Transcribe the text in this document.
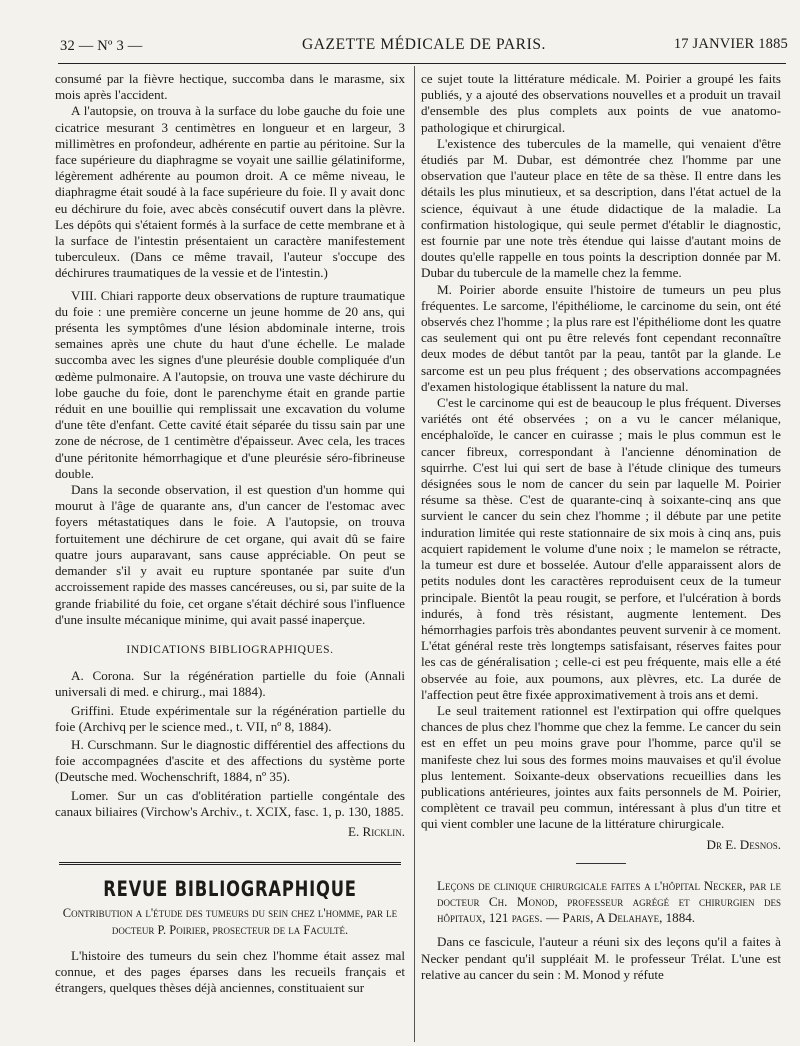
32 — Nº 3 —	GAZETTE MÉDICALE DE PARIS.	17 JANVIER 1885

consumé par la fièvre hectique, succomba dans le marasme, six mois après l'accident.

A l'autopsie, on trouva à la surface du lobe gauche du foie une cicatrice mesurant 3 centimètres en longueur et en largeur, 3 millimètres en profondeur, adhérente en partie au péritoine. Sur la face supérieure du diaphragme se voyait une saillie gélatiniforme, légèrement adhérente au poumon droit. A ce même niveau, le diaphragme était soudé à la face supérieure du foie. Il y avait donc eu déchirure du foie, avec abcès consécutif ouvert dans la plèvre. Les dépôts qui s'étaient formés à la surface de cette membrane et à la surface de l'intestin présentaient un caractère manifestement tuberculeux. (Dans ce même travail, l'auteur s'occupe des déchirures traumatiques de la vessie et de l'intestin.)

VIII. Chiari rapporte deux observations de rupture traumatique du foie : une première concerne un jeune homme de 20 ans, qui présenta les symptômes d'une lésion abdominale interne, trois semaines après une chute du haut d'une échelle. Le malade succomba avec les signes d'une pleurésie double compliquée d'un œdème pulmonaire. A l'autopsie, on trouva une vaste déchirure du lobe gauche du foie, dont le parenchyme était en grande partie réduit en une bouillie qui remplissait une excavation du volume d'une tête d'enfant. Cette cavité était séparée du tissu sain par une zone de nécrose, de 1 centimètre d'épaisseur. Avec cela, les traces d'une péritonite hémorrhagique et d'une pleurésie séro-fibrineuse double.

Dans la seconde observation, il est question d'un homme qui mourut à l'âge de quarante ans, d'un cancer de l'estomac avec foyers métastatiques dans le foie. A l'autopsie, on trouva fortuitement une déchirure de cet organe, qui avait dû se faire quatre jours auparavant, sans cause appréciable. On peut se demander s'il y avait eu rupture spontanée par suite d'un accroissement rapide des masses cancéreuses, ou si, par suite de la grande friabilité du foie, cet organe s'était déchiré sous l'influence d'une insulte mécanique minime, qui avait passé inaperçue.

INDICATIONS BIBLIOGRAPHIQUES.

A. Corona. Sur la régénération partielle du foie (Annali universali di med. e chirurg., mai 1884).

Griffini. Etude expérimentale sur la régénération partielle du foie (Archivq per le science med., t. VII, nº 8, 1884).

H. Curschmann. Sur le diagnostic différentiel des affections du foie accompagnées d'ascite et des affections du système porte (Deutsche med. Wochenschrift, 1884, nº 35).

Lomer. Sur un cas d'oblitération partielle congéntale des canaux biliaires (Virchow's Archiv., t. XCIX, fasc. 1, p. 130, 1885.

E. Ricklin.

REVUE BIBLIOGRAPHIQUE

Contribution a l'étude des tumeurs du sein chez l'homme, par le docteur P. Poirier, prosecteur de la Faculté.

L'histoire des tumeurs du sein chez l'homme était assez mal connue, et des pages éparses dans les recueils français et étrangers, quelques thèses déjà anciennes, constituaient sur

ce sujet toute la littérature médicale. M. Poirier a groupé les faits publiés, y a ajouté des observations nouvelles et a produit un travail d'ensemble des plus complets aux points de vue anatomo-pathologique et chirurgical.

L'existence des tubercules de la mamelle, qui venaient d'être étudiés par M. Dubar, est démontrée chez l'homme par une observation que l'auteur place en tête de sa thèse. Il entre dans les détails les plus minutieux, et sa description, dans l'état actuel de la science, équivaut à une étude didactique de la maladie. La confirmation histologique, qui seule permet d'établir le diagnostic, est fournie par une note très étendue qui laisse d'autant moins de doutes qu'elle rappelle en tous points la description donnée par M. Dubar du tubercule de la mamelle chez la femme.

M. Poirier aborde ensuite l'histoire de tumeurs un peu plus fréquentes. Le sarcome, l'épithéliome, le carcinome du sein, ont été observés chez l'homme ; la plus rare est l'épithéliome dont les quatre cas seulement qui ont pu être relevés font cependant reconnaître deux modes de début tantôt par la peau, tantôt par la glande. Le sarcome est un peu plus fréquent ; des observations accompagnées d'examen histologique établissent la nature du mal.

C'est le carcinome qui est de beaucoup le plus fréquent. Diverses variétés ont été observées ; on a vu le cancer mélanique, encéphaloïde, le cancer en cuirasse ; mais le plus commun est le cancer fibreux, correspondant à l'ancienne dénomination de squirrhe. C'est lui qui sert de base à l'étude clinique des tumeurs désignées sous le nom de cancer du sein par laquelle M. Poirier résume sa thèse. C'est de quarante-cinq à soixante-cinq ans que survient le cancer du sein chez l'homme ; il débute par une petite induration limitée qui reste stationnaire de six mois à cinq ans, puis acquiert rapidement le volume d'une noix ; le mamelon se rétracte, la tumeur est dure et bosselée. Autour d'elle apparaissent alors de petits nodules dont les caractères reproduisent ceux de la tumeur principale. Bientôt la peau rougit, se perfore, et l'ulcération à bords indurés, à fond très résistant, augmente lentement. Des hémorrhagies parfois très abondantes peuvent survenir à ce moment. L'état général reste très longtemps satisfaisant, réserves faites pour les cas de généralisation ; celle-ci est peu fréquente, mais elle a été observée au foie, aux poumons, aux plèvres, etc. La durée de l'affection peut être fixée approximativement à trois ans et demi.

Le seul traitement rationnel est l'extirpation qui offre quelques chances de plus chez l'homme que chez la femme. Le cancer du sein est en effet un peu moins grave pour l'homme, parce qu'il se manifeste chez lui sous des formes moins mauvaises et qu'il évolue plus lentement. Soixante-deux observations recueillies dans les publications antérieures, jointes aux faits personnels de M. Poirier, complètent ce travail peu commun, intéressant à plus d'un titre et qui vient combler une lacune de la littérature chirurgicale.

Dr E. Desnos.

Leçons de clinique chirurgicale faites a l'hôpital Necker, par le docteur Ch. Monod, professeur agrégé et chirurgien des hôpitaux, 121 pages. — Paris, A Delahaye, 1884.

Dans ce fascicule, l'auteur a réuni six des leçons qu'il a faites à Necker pendant qu'il suppléait M. le professeur Trélat. L'une est relative au cancer du sein : M. Monod y réfute
